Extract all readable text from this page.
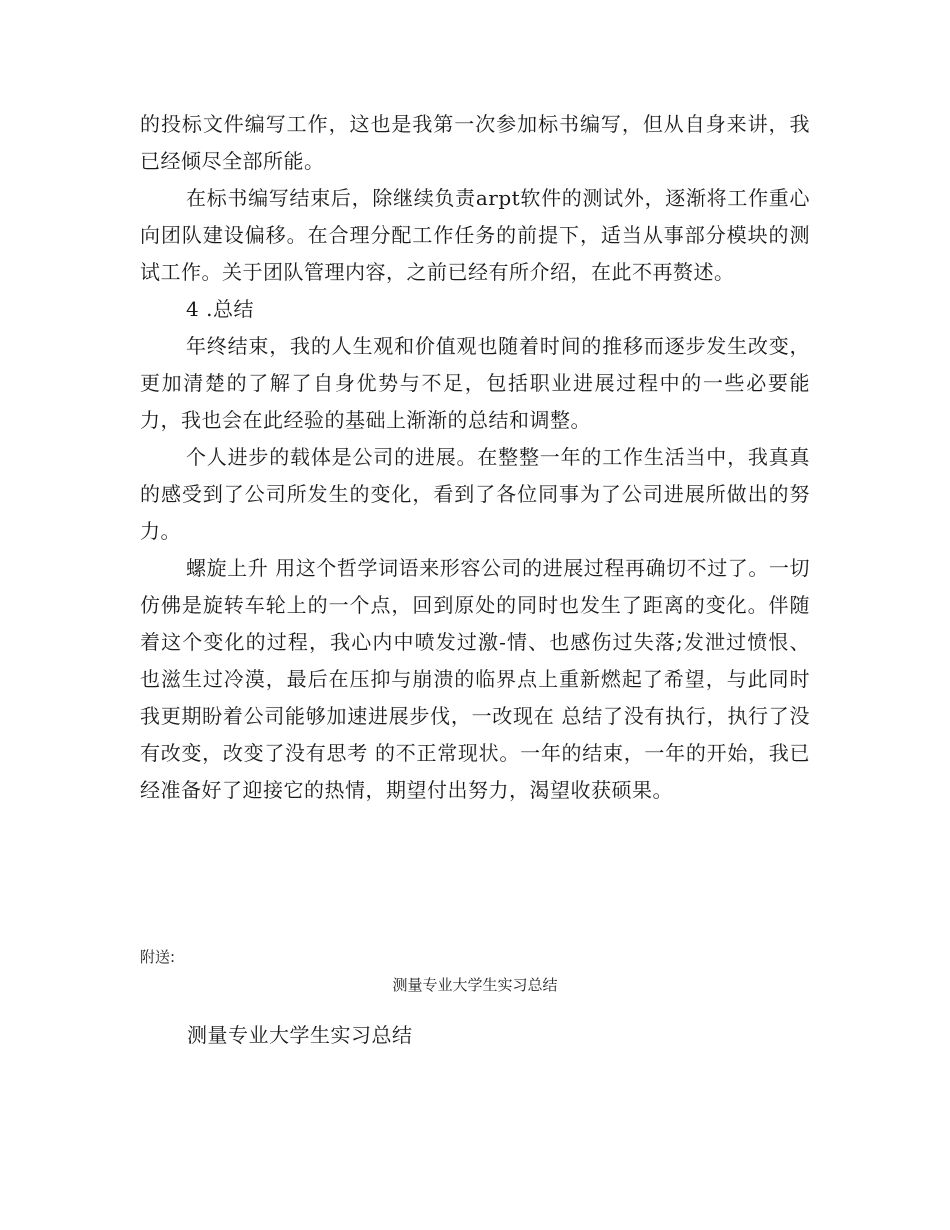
的投标文件编写工作，这也是我第一次参加标书编写，但从自身来讲，我已经倾尽全部所能。

在标书编写结束后，除继续负责arpt软件的测试外，逐渐将工作重心向团队建设偏移。在合理分配工作任务的前提下，适当从事部分模块的测试工作。关于团队管理内容，之前已经有所介绍，在此不再赘述。

4 .总结

年终结束，我的人生观和价值观也随着时间的推移而逐步发生改变，更加清楚的了解了自身优势与不足，包括职业进展过程中的一些必要能力，我也会在此经验的基础上渐渐的总结和调整。

个人进步的载体是公司的进展。在整整一年的工作生活当中，我真真的感受到了公司所发生的变化，看到了各位同事为了公司进展所做出的努力。

螺旋上升 用这个哲学词语来形容公司的进展过程再确切不过了。一切仿佛是旋转车轮上的一个点，回到原处的同时也发生了距离的变化。伴随着这个变化的过程，我心内中喷发过激-情、也感伤过失落;发泄过愤恨、也滋生过冷漠，最后在压抑与崩溃的临界点上重新燃起了希望，与此同时我更期盼着公司能够加速进展步伐，一改现在 总结了没有执行，执行了没有改变，改变了没有思考 的不正常现状。一年的结束，一年的开始，我已经准备好了迎接它的热情，期望付出努力，渴望收获硕果。

附送:
测量专业大学生实习总结
测量专业大学生实习总结
